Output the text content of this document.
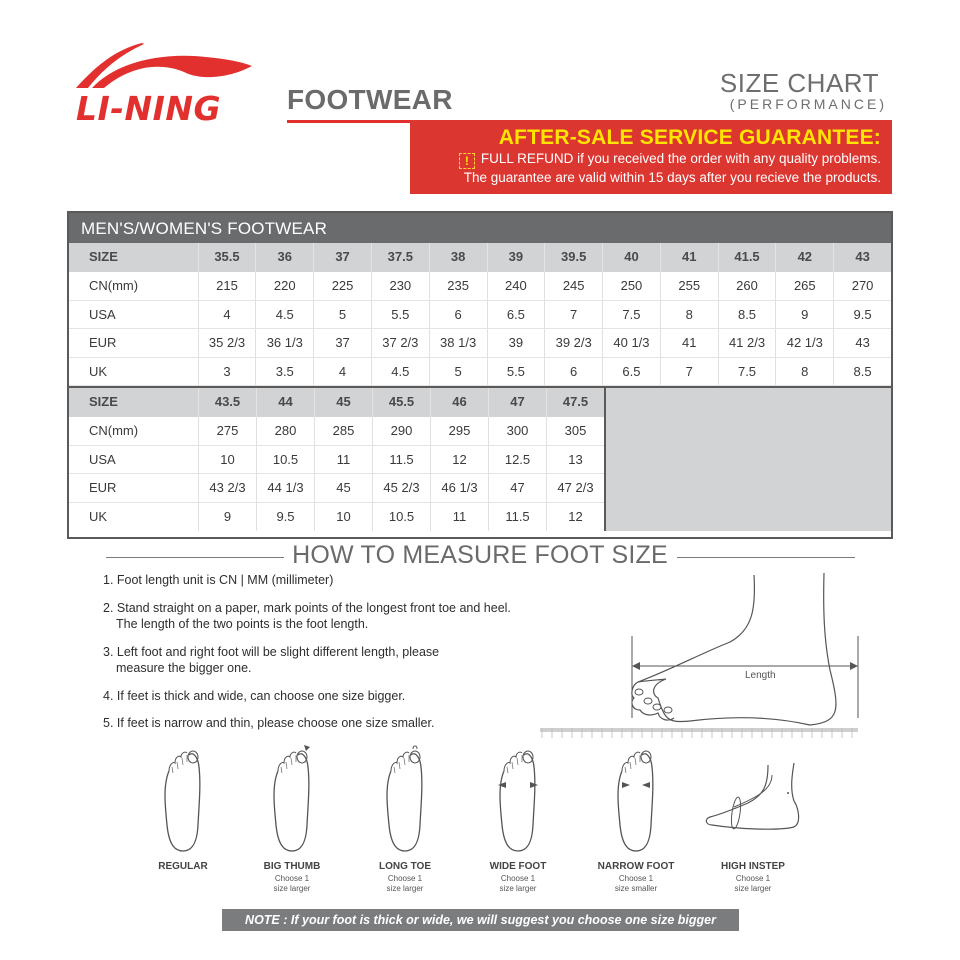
LI-NING FOOTWEAR
SIZE CHART
(PERFORMANCE)
AFTER-SALE SERVICE GUARANTEE:
! FULL REFUND if you received the order with any quality problems.
The guarantee are valid within 15 days after you recieve the products.
MEN'S/WOMEN'S FOOTWEAR
SIZE	35.5	36	37	37.5	38	39	39.5	40	41	41.5	42	43
CN(mm)	215	220	225	230	235	240	245	250	255	260	265	270
USA	4	4.5	5	5.5	6	6.5	7	7.5	8	8.5	9	9.5
EUR	35 2/3	36 1/3	37	37 2/3	38 1/3	39	39 2/3	40 1/3	41	41 2/3	42 1/3	43
UK	3	3.5	4	4.5	5	5.5	6	6.5	7	7.5	8	8.5
SIZE	43.5	44	45	45.5	46	47	47.5
CN(mm)	275	280	285	290	295	300	305
USA	10	10.5	11	11.5	12	12.5	13
EUR	43 2/3	44 1/3	45	45 2/3	46 1/3	47	47 2/3
UK	9	9.5	10	10.5	11	11.5	12
HOW TO MEASURE FOOT SIZE
1. Foot length unit is CN | MM (millimeter)
2. Stand straight on a paper, mark points of the longest front toe and heel.
The length of the two points is the foot length.
3. Left foot and right foot will be slight different length, please
measure the bigger one.
4. If feet is thick and wide, can choose one size bigger.
5. If feet is narrow and thin, please choose one size smaller.
Length
REGULAR	BIG THUMB
Choose 1
size larger
LONG TOE
Choose 1
size larger
WIDE FOOT
Choose 1
size larger
NARROW FOOT
Choose 1
size smaller
HIGH INSTEP
Choose 1
size larger
NOTE : If your foot is thick or wide, we will suggest you choose one size bigger
